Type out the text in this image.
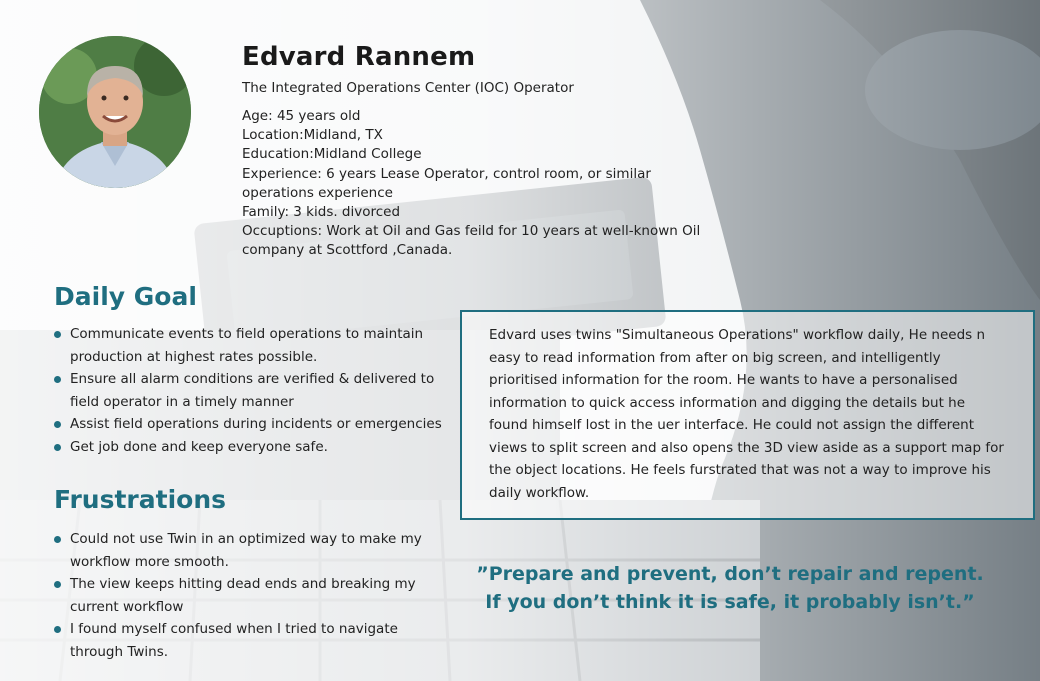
Edvard Rannem
The Integrated Operations Center (IOC) Operator
Age: 45 years old
Location:Midland, TX
Education:Midland College
Experience: 6 years Lease Operator, control room, or similar operations experience
Family: 3 kids. divorced
Occuptions: Work at Oil and Gas feild for 10 years at well-known Oil company at Scottford ,Canada.
Daily Goal
Communicate events to field operations to maintain production at highest rates possible.
Ensure all alarm conditions are verified & delivered to field operator in a timely manner
Assist field operations during incidents or emergencies
Get job done and keep everyone safe.
Frustrations
Could not use Twin in an optimized way to make my workflow more smooth.
The view keeps hitting dead ends and breaking my current workflow
I found myself confused when I tried to navigate through Twins.
Edvard uses twins "Simultaneous Operations" workflow daily, He needs n easy to read information from after on big screen, and intelligently prioritised information for the room. He wants to have a personalised information to quick access information and digging the details but he found himself lost in the uer interface. He could not assign the different views to split screen and also opens the 3D view aside as a support map for the object locations. He feels furstrated that was not a way to improve his daily workflow.
”Prepare and prevent, don’t repair and repent.
If you don’t think it is safe, it probably isn’t.”
